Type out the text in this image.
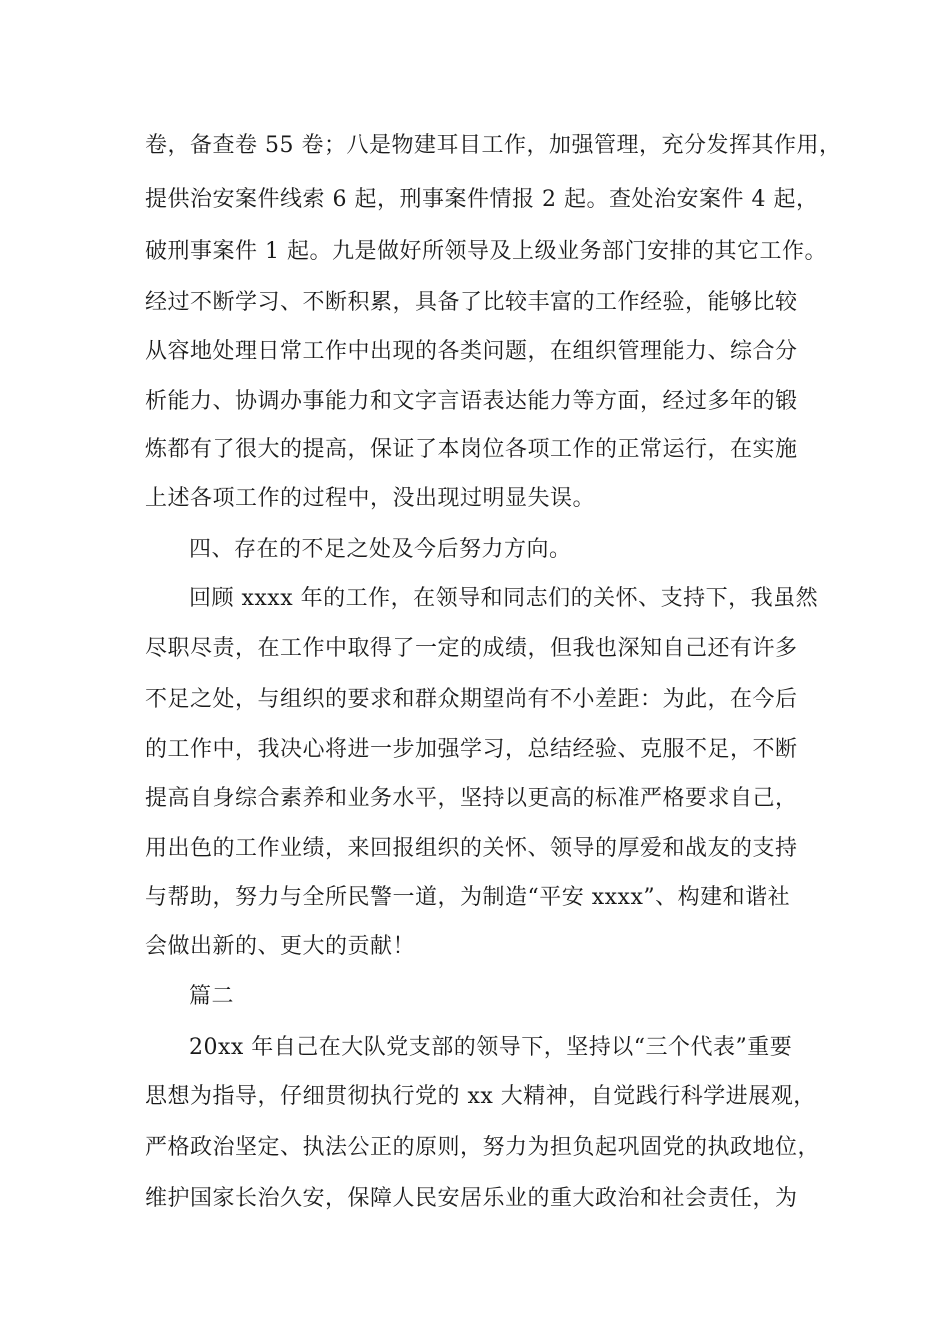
卷，备查卷 55 卷；八是物建耳目工作，加强管理，充分发挥其作用，
提供治安案件线索 6 起，刑事案件情报 2 起。查处治安案件 4 起，
破刑事案件 1 起。九是做好所领导及上级业务部门安排的其它工作。
经过不断学习、不断积累，具备了比较丰富的工作经验，能够比较
从容地处理日常工作中出现的各类问题，在组织管理能力、综合分
析能力、协调办事能力和文字言语表达能力等方面，经过多年的锻
炼都有了很大的提高，保证了本岗位各项工作的正常运行，在实施
上述各项工作的过程中，没出现过明显失误。
四、存在的不足之处及今后努力方向。
回顾 xxxx 年的工作，在领导和同志们的关怀、支持下，我虽然
尽职尽责，在工作中取得了一定的成绩，但我也深知自己还有许多
不足之处，与组织的要求和群众期望尚有不小差距：为此，在今后
的工作中，我决心将进一步加强学习，总结经验、克服不足，不断
提高自身综合素养和业务水平，坚持以更高的标准严格要求自己，
用出色的工作业绩，来回报组织的关怀、领导的厚爱和战友的支持
与帮助，努力与全所民警一道，为制造“平安 xxxx”、构建和谐社
会做出新的、更大的贡献！
篇二
20xx 年自己在大队党支部的领导下，坚持以“三个代表”重要
思想为指导，仔细贯彻执行党的 xx 大精神，自觉践行科学进展观，
严格政治坚定、执法公正的原则，努力为担负起巩固党的执政地位，
维护国家长治久安，保障人民安居乐业的重大政治和社会责任，为
